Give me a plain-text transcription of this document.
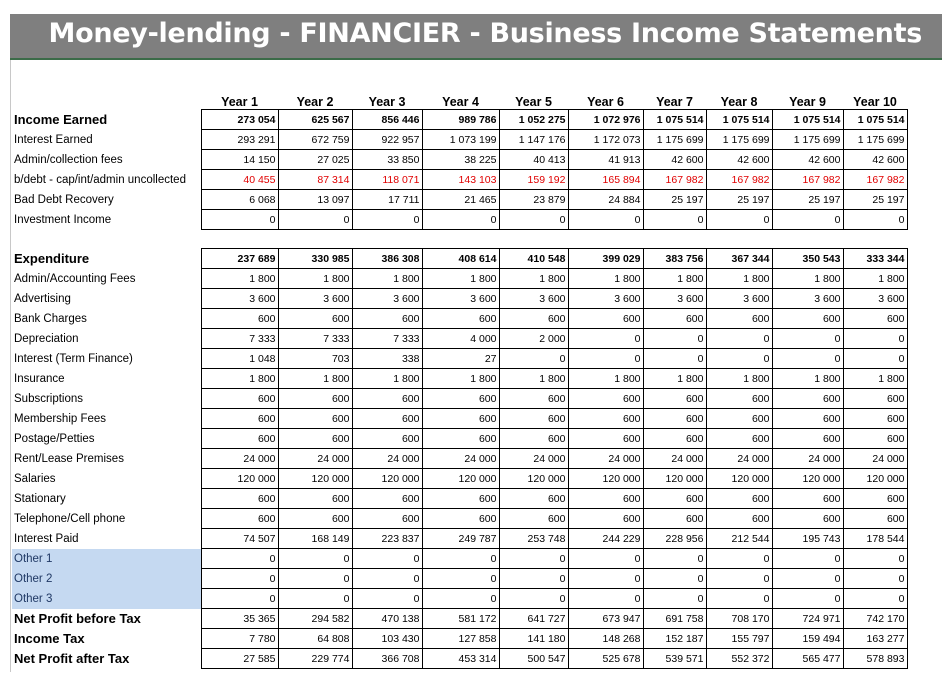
Money-lending - FINANCIER - Business Income Statements
	Year 1	Year 2	Year 3	Year 4	Year 5	Year 6	Year 7	Year 8	Year 9	Year 10
Income Earned	273 054	625 567	856 446	989 786	1 052 275	1 072 976	1 075 514	1 075 514	1 075 514	1 075 514
Interest Earned	293 291	672 759	922 957	1 073 199	1 147 176	1 172 073	1 175 699	1 175 699	1 175 699	1 175 699
Admin/collection fees	14 150	27 025	33 850	38 225	40 413	41 913	42 600	42 600	42 600	42 600
b/debt - cap/int/admin uncollected	40 455	87 314	118 071	143 103	159 192	165 894	167 982	167 982	167 982	167 982
Bad Debt Recovery	6 068	13 097	17 711	21 465	23 879	24 884	25 197	25 197	25 197	25 197
Investment Income	0	0	0	0	0	0	0	0	0	0

Expenditure	237 689	330 985	386 308	408 614	410 548	399 029	383 756	367 344	350 543	333 344
Admin/Accounting Fees	1 800	1 800	1 800	1 800	1 800	1 800	1 800	1 800	1 800	1 800
Advertising	3 600	3 600	3 600	3 600	3 600	3 600	3 600	3 600	3 600	3 600
Bank Charges	600	600	600	600	600	600	600	600	600	600
Depreciation	7 333	7 333	7 333	4 000	2 000	0	0	0	0	0
Interest (Term Finance)	1 048	703	338	27	0	0	0	0	0	0
Insurance	1 800	1 800	1 800	1 800	1 800	1 800	1 800	1 800	1 800	1 800
Subscriptions	600	600	600	600	600	600	600	600	600	600
Membership Fees	600	600	600	600	600	600	600	600	600	600
Postage/Petties	600	600	600	600	600	600	600	600	600	600
Rent/Lease Premises	24 000	24 000	24 000	24 000	24 000	24 000	24 000	24 000	24 000	24 000
Salaries	120 000	120 000	120 000	120 000	120 000	120 000	120 000	120 000	120 000	120 000
Stationary	600	600	600	600	600	600	600	600	600	600
Telephone/Cell phone	600	600	600	600	600	600	600	600	600	600
Interest Paid	74 507	168 149	223 837	249 787	253 748	244 229	228 956	212 544	195 743	178 544
Other 1	0	0	0	0	0	0	0	0	0	0
Other 2	0	0	0	0	0	0	0	0	0	0
Other 3	0	0	0	0	0	0	0	0	0	0
Net Profit before Tax	35 365	294 582	470 138	581 172	641 727	673 947	691 758	708 170	724 971	742 170
Income Tax	7 780	64 808	103 430	127 858	141 180	148 268	152 187	155 797	159 494	163 277
Net Profit after Tax	27 585	229 774	366 708	453 314	500 547	525 678	539 571	552 372	565 477	578 893
